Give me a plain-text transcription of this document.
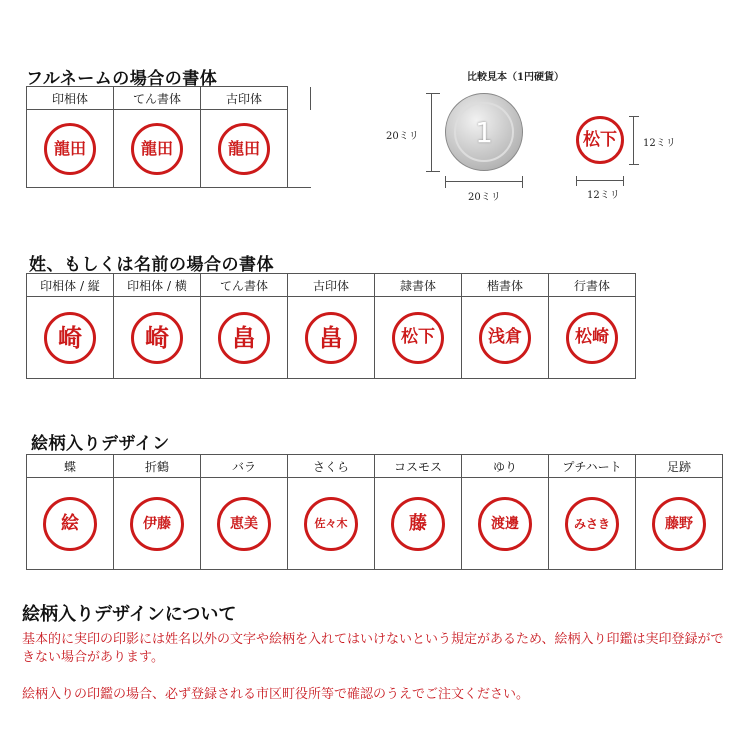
フルネームの場合の書体
印相体	てん書体	古印体	
龍田	龍田	龍田	
比較見本（1円硬貨）
1
20ミリ
20ミリ
松下	12ミリ
12ミリ
姓、もしくは名前の場合の書体
印相体 / 縦	印相体 / 横	てん書体	古印体	隷書体	楷書体	行書体
崎	崎	畠	畠	松下	浅倉	松崎
絵柄入りデザイン
蝶	折鶴	バラ	さくら	コスモス	ゆり	プチハート	足跡
絵	伊藤	恵美	佐々木	藤	渡邊	みさき	藤野
絵柄入りデザインについて
基本的に実印の印影には姓名以外の文字や絵柄を入れてはいけないという規定があるため、絵柄入り印鑑は実印登録ができない場合があります。
絵柄入りの印鑑の場合、必ず登録される市区町役所等で確認のうえでご注文ください。
